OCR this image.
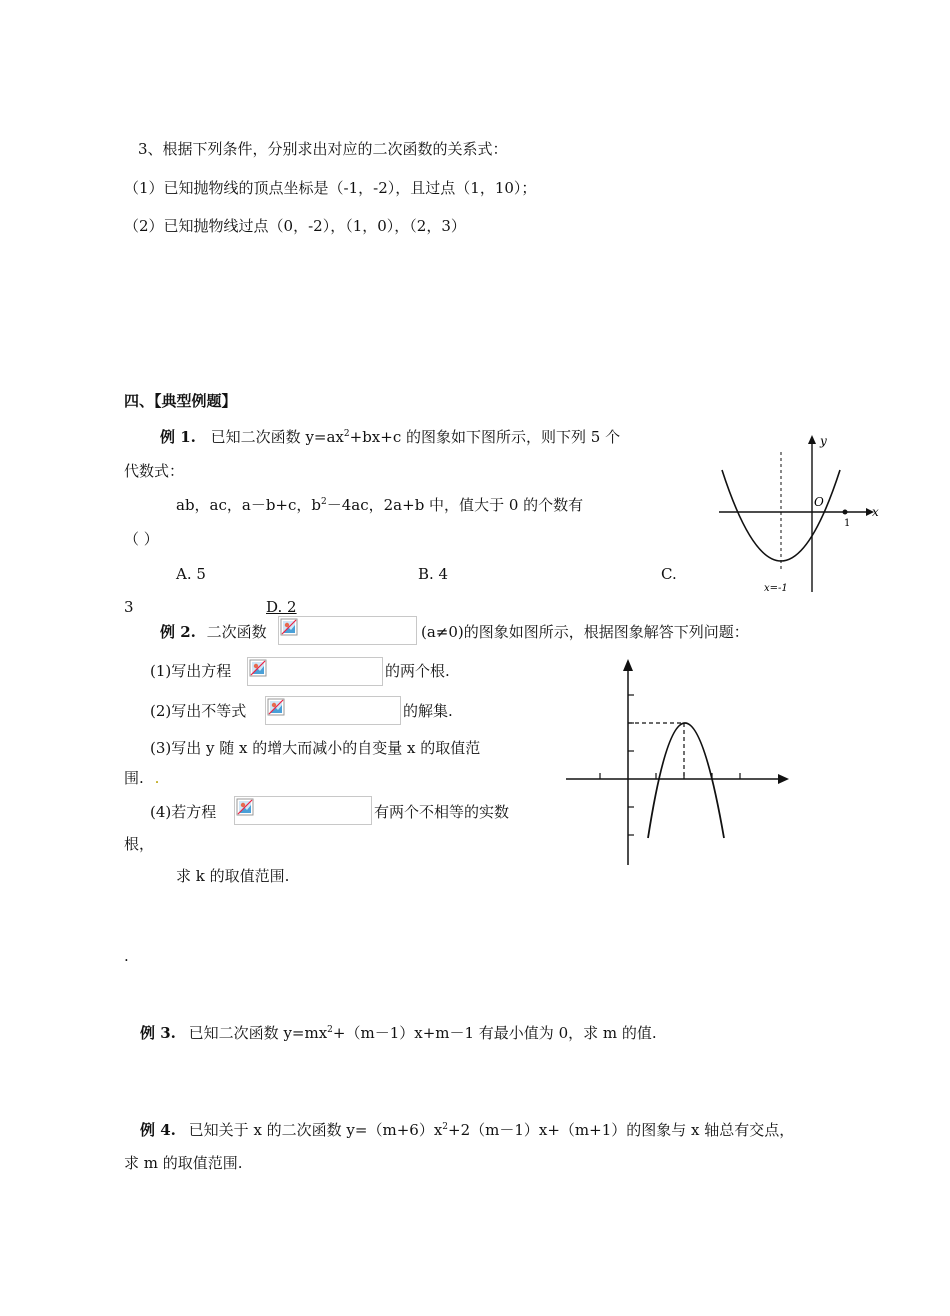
3、根据下列条件，分别求出对应的二次函数的关系式：
（1）已知抛物线的顶点坐标是（-1，-2），且过点（1，10）；
（2）已知抛物线过点（0，-2），（1，0），（2，3）
四、【典型例题】
例 1. 已知二次函数 $y=ax^2+bx+c$ 的图象如下图所示，则下列 5 个
代数式：
ab，ac，a－b+c，$b^2-4ac$，2a+b 中，值大于 0 的个数有
（ ）
A. 5	B. 4	C.
3	D. 2
y
x
O
1
x=-1
例 2. 二次函数	(a≠0)的图象如图所示，根据图象解答下列问题：
(1)写出方程	的两个根.
(2)写出不等式	的解集.
(3)写出 y 随 x 的增大而减小的自变量 x 的取值范
围. .
(4)若方程	有两个不相等的实数
根，
求 k 的取值范围.
.
例 3. 已知二次函数 $y=mx^2+(m-1)x+m-1$ 有最小值为 0，求 m 的值.
例 4. 已知关于 x 的二次函数 $y=(m+6)x^2+2(m-1)x+(m+1)$的图象与 x 轴总有交点，
求 m 的取值范围.
